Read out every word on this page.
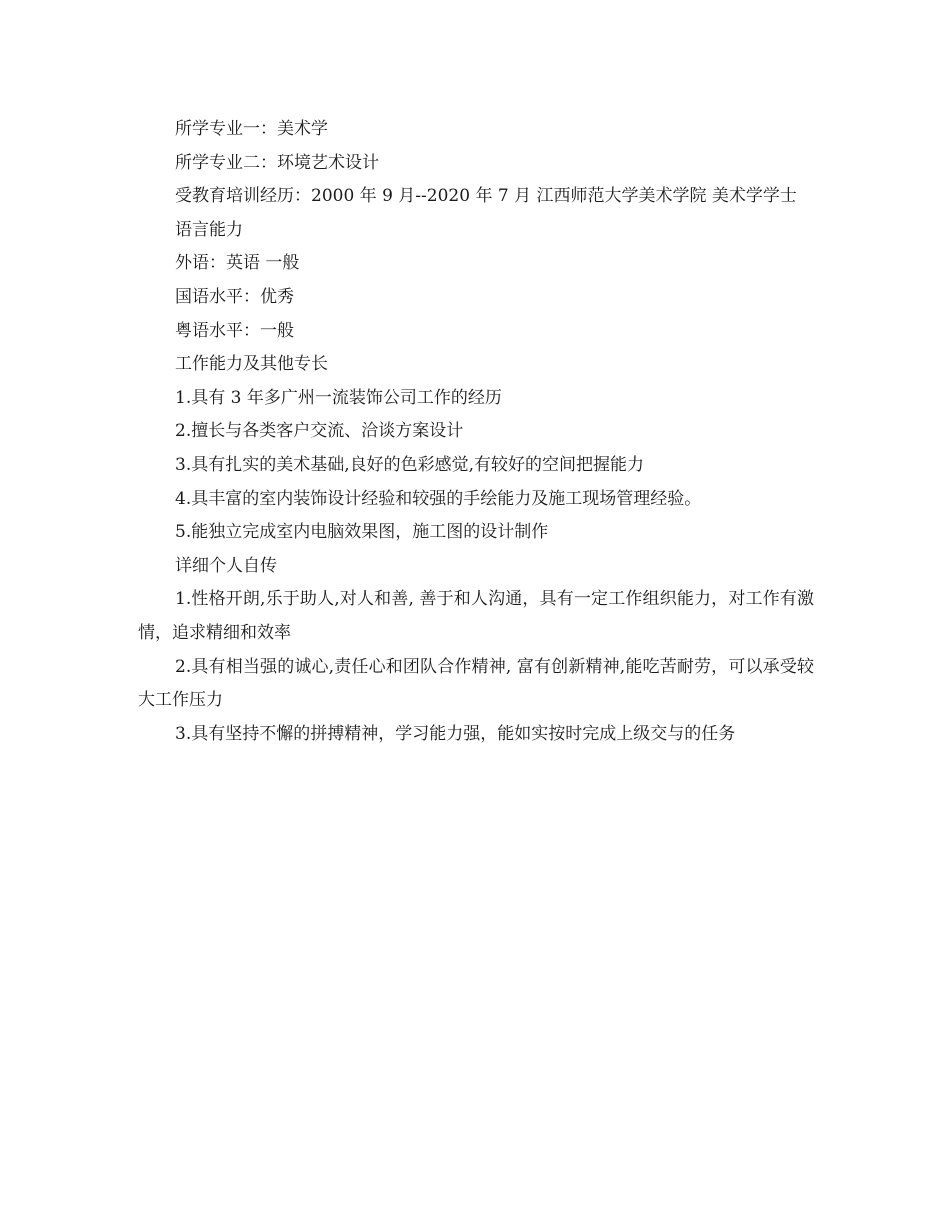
所学专业一：美术学

所学专业二：环境艺术设计

受教育培训经历：2000 年 9 月--2020 年 7 月 江西师范大学美术学院 美术学学士

语言能力

外语：英语 一般

国语水平：优秀

粤语水平：一般

工作能力及其他专长

1.具有 3 年多广州一流装饰公司工作的经历

2.擅长与各类客户交流、洽谈方案设计

3.具有扎实的美术基础,良好的色彩感觉,有较好的空间把握能力

4.具丰富的室内装饰设计经验和较强的手绘能力及施工现场管理经验。

5.能独立完成室内电脑效果图，施工图的设计制作

详细个人自传

1.性格开朗,乐于助人,对人和善, 善于和人沟通，具有一定工作组织能力，对工作有激情，追求精细和效率

2.具有相当强的诚心,责任心和团队合作精神, 富有创新精神,能吃苦耐劳，可以承受较大工作压力

3.具有坚持不懈的拼搏精神，学习能力强，能如实按时完成上级交与的任务
